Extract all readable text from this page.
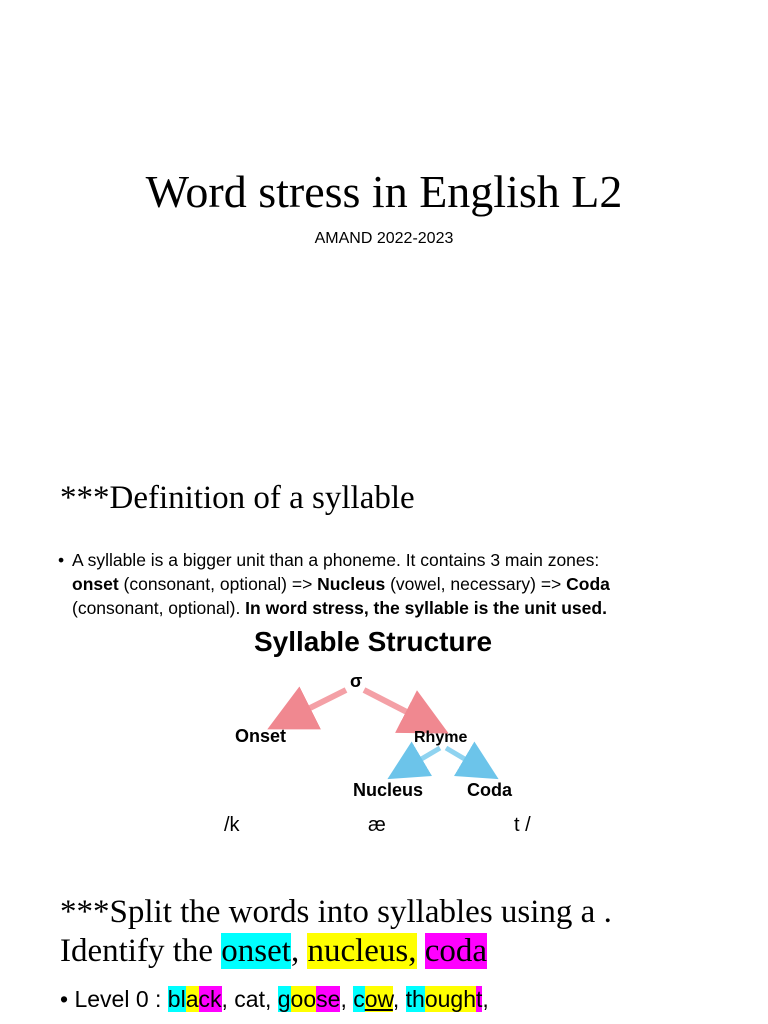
Word stress in English L2
AMAND 2022-2023
***Definition of a syllable
• A syllable is a bigger unit than a phoneme. It contains 3 main zones:
onset (consonant, optional) => Nucleus (vowel, necessary) => Coda
(consonant, optional). In word stress, the syllable is the unit used.
Syllable Structure
σ
Onset	Rhyme
Nucleus Coda
/k	æ	t /
***Split the words into syllables using a .
Identify the onset, nucleus, coda
• Level 0 : black, cat, goose, cow, thought,
